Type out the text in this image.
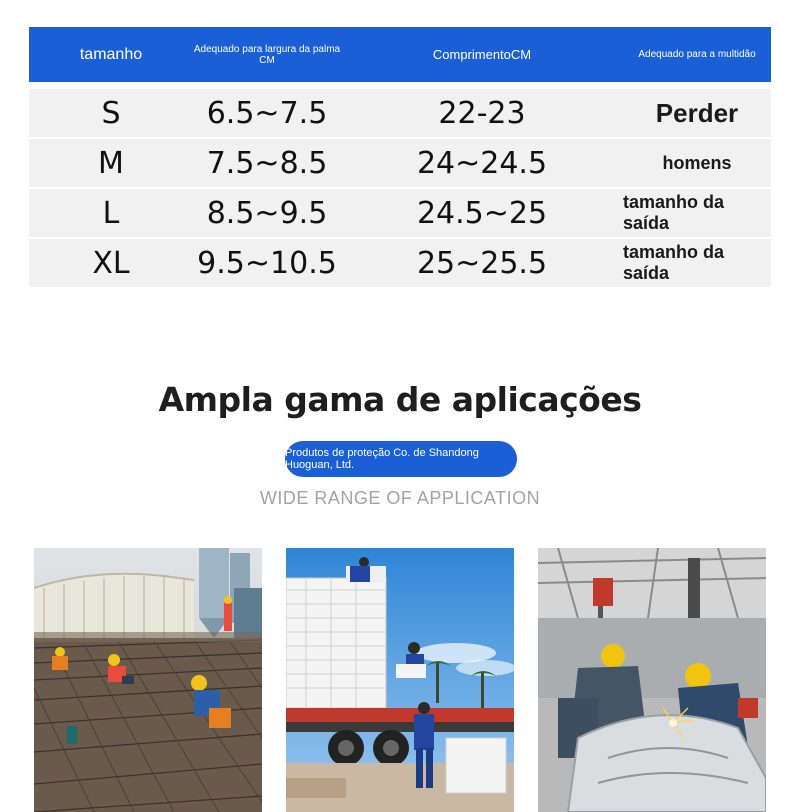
tamanho	Adequado para largura da palma CM	ComprimentoCM	Adequado para a multidão
S	6.5~7.5	22-23	Perder
M	7.5~8.5	24~24.5	homens
L	8.5~9.5	24.5~25	tamanho da saída
XL	9.5~10.5	25~25.5	tamanho da saída
Ampla gama de aplicações
Produtos de proteção Co. de Shandong Huoguan, Ltd.
WIDE RANGE OF APPLICATION
